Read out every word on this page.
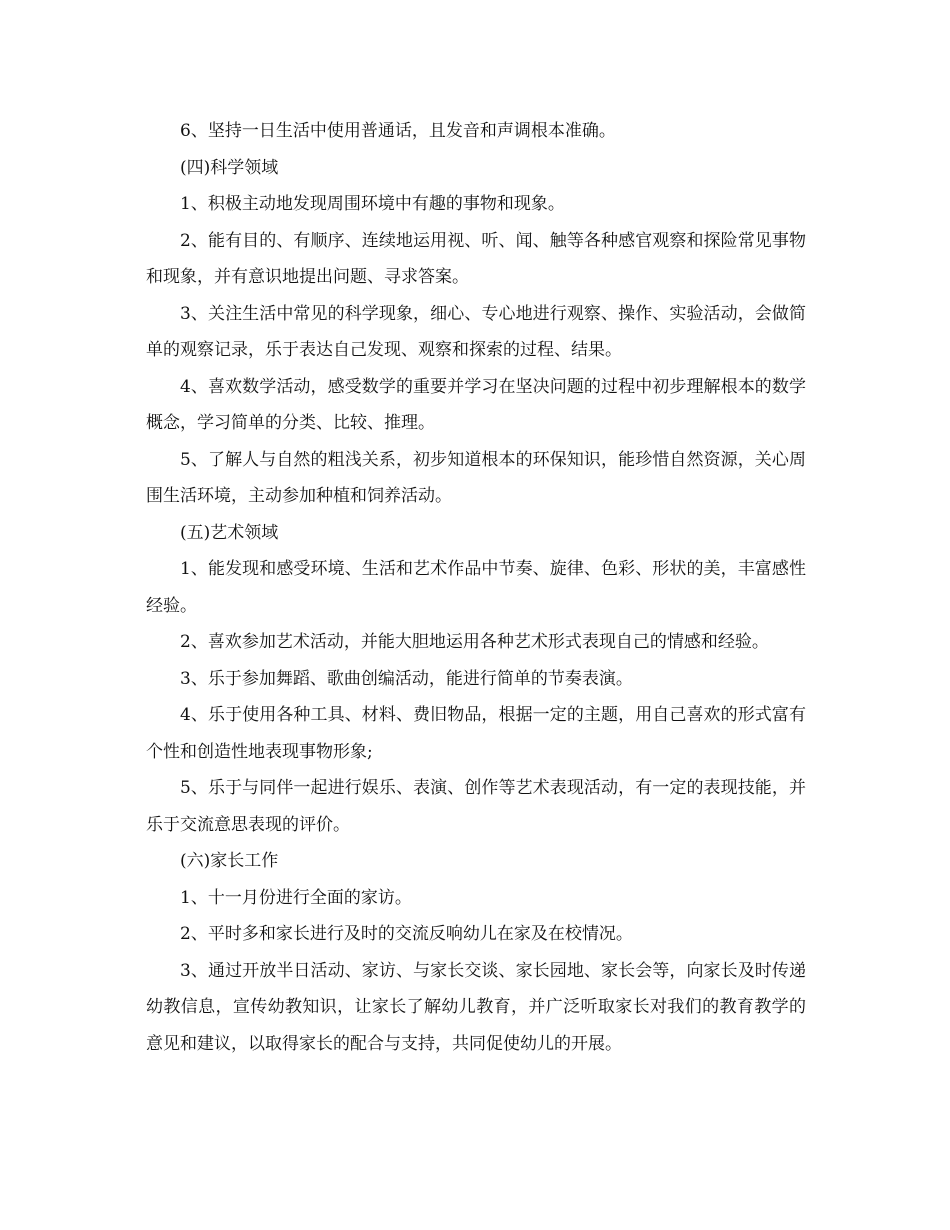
6、坚持一日生活中使用普通话，且发音和声调根本准确。

(四)科学领域

1、积极主动地发现周围环境中有趣的事物和现象。

2、能有目的、有顺序、连续地运用视、听、闻、触等各种感官观察和探险常见事物和现象，并有意识地提出问题、寻求答案。

3、关注生活中常见的科学现象，细心、专心地进行观察、操作、实验活动，会做简单的观察记录，乐于表达自己发现、观察和探索的过程、结果。

4、喜欢数学活动，感受数学的重要并学习在坚决问题的过程中初步理解根本的数学概念，学习简单的分类、比较、推理。

5、了解人与自然的粗浅关系，初步知道根本的环保知识，能珍惜自然资源，关心周围生活环境，主动参加种植和饲养活动。

(五)艺术领域

1、能发现和感受环境、生活和艺术作品中节奏、旋律、色彩、形状的美，丰富感性经验。

2、喜欢参加艺术活动，并能大胆地运用各种艺术形式表现自己的情感和经验。

3、乐于参加舞蹈、歌曲创编活动，能进行简单的节奏表演。

4、乐于使用各种工具、材料、费旧物品，根据一定的主题，用自己喜欢的形式富有个性和创造性地表现事物形象;

5、乐于与同伴一起进行娱乐、表演、创作等艺术表现活动，有一定的表现技能，并乐于交流意思表现的评价。

(六)家长工作

1、十一月份进行全面的家访。

2、平时多和家长进行及时的交流反响幼儿在家及在校情况。

3、通过开放半日活动、家访、与家长交谈、家长园地、家长会等，向家长及时传递幼教信息，宣传幼教知识，让家长了解幼儿教育，并广泛听取家长对我们的教育教学的意见和建议，以取得家长的配合与支持，共同促使幼儿的开展。
